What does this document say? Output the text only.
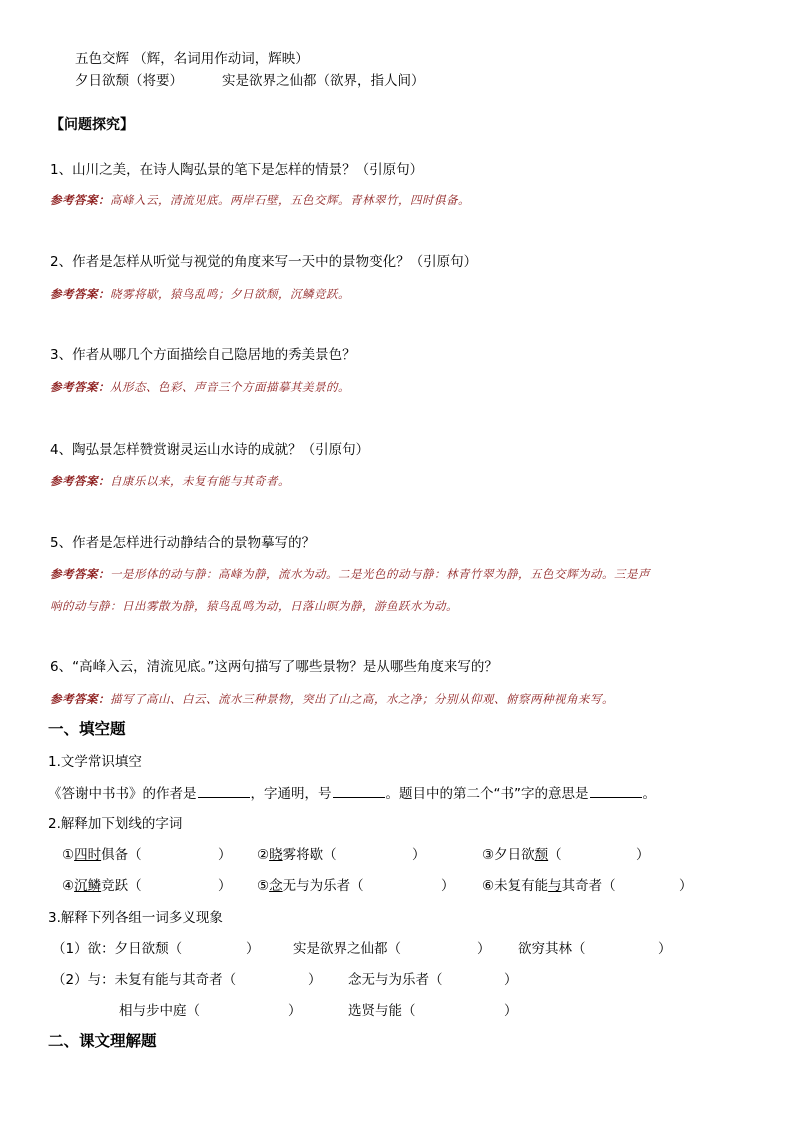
五色交辉 （辉，名词用作动词，辉映）
夕日欲颓（将要）	实是欲界之仙都（欲界，指人间）
【问题探究】
1、山川之美，在诗人陶弘景的笔下是怎样的情景？（引原句）
参考答案：高峰入云，清流见底。两岸石壁，五色交辉。青林翠竹，四时俱备。
2、作者是怎样从听觉与视觉的角度来写一天中的景物变化？（引原句）
参考答案：晓雾将歇，猿鸟乱鸣；夕日欲颓，沉鳞竞跃。
3、作者从哪几个方面描绘自己隐居地的秀美景色？
参考答案：从形态、色彩、声音三个方面描摹其美景的。
4、陶弘景怎样赞赏谢灵运山水诗的成就？（引原句）
参考答案：自康乐以来，未复有能与其奇者。
5、作者是怎样进行动静结合的景物摹写的？
参考答案：一是形体的动与静：高峰为静，流水为动。二是光色的动与静：林青竹翠为静，五色交辉为动。三是声
响的动与静：日出雾散为静，猿鸟乱鸣为动，日落山暝为静，游鱼跃水为动。
6、“高峰入云，清流见底。”这两句描写了哪些景物？是从哪些角度来写的？
参考答案：描写了高山、白云、流水三种景物，突出了山之高，水之净；分别从仰观、俯察两种视角来写。
一、填空题
1.文学常识填空
《答谢中书书》的作者是	，字通明，号	。题目中的第二个“书”字的意思是	。
2.解释加下划线的字词
①四时俱备（	） ②晓雾将歇（	）	③夕日欲颓（	）
④沉鳞竞跃（	） ⑤念无与为乐者（	） ⑥未复有能与其奇者（	）
3.解释下列各组一词多义现象
（1）欲：夕日欲颓（	） 实是欲界之仙都（	） 欲穷其林（	）
（2）与：未复有能与其奇者（	） 念无与为乐者（	）
相与步中庭（	）	选贤与能（	）
二、课文理解题
